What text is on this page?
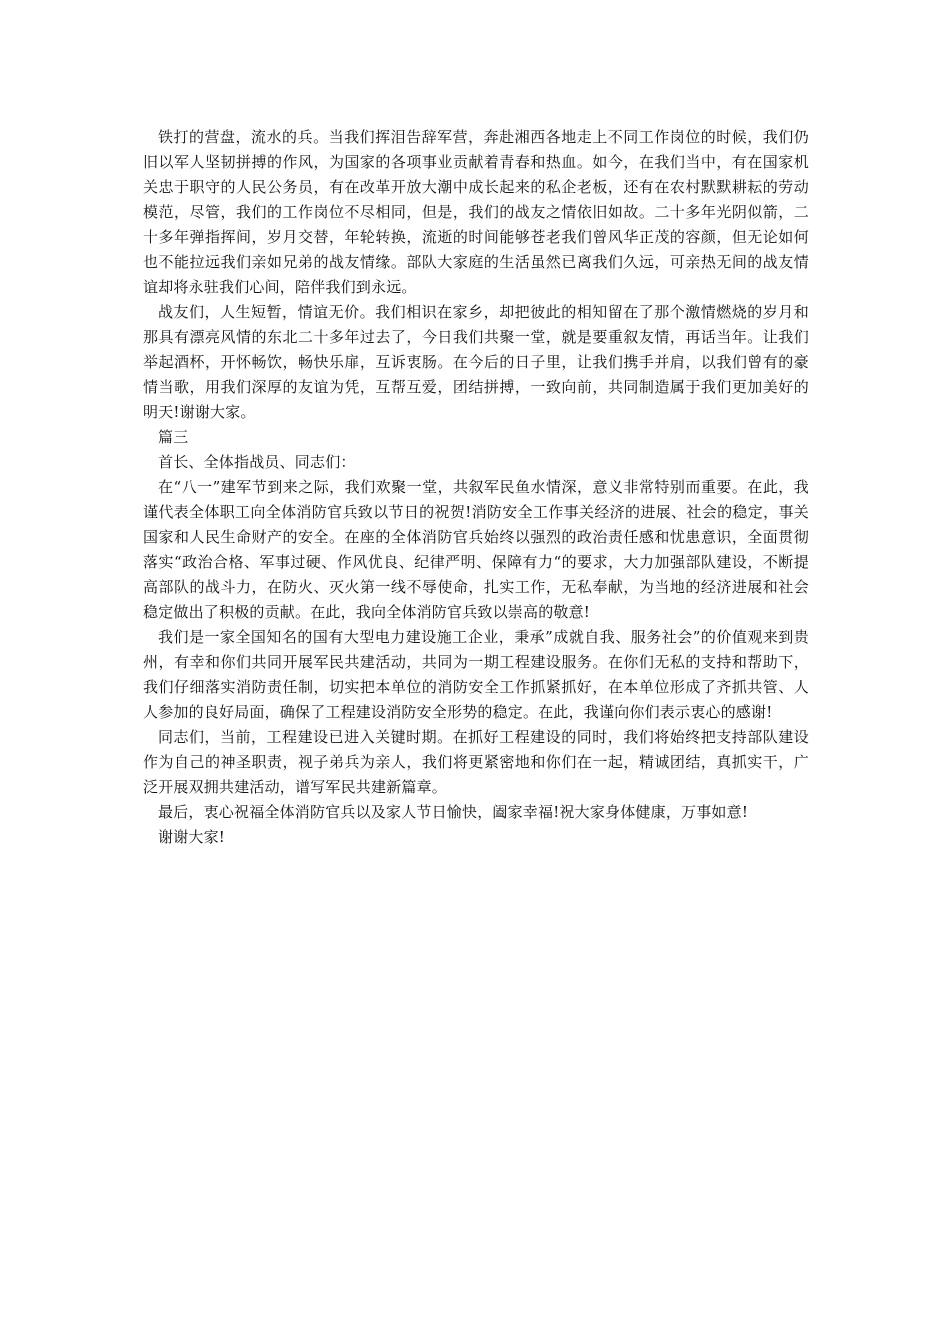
铁打的营盘，流水的兵。当我们挥泪告辞军营，奔赴湘西各地走上不同工作岗位的时候，我们仍旧以军人坚韧拼搏的作风，为国家的各项事业贡献着青春和热血。如今，在我们当中，有在国家机关忠于职守的人民公务员，有在改革开放大潮中成长起来的私企老板，还有在农村默默耕耘的劳动模范，尽管，我们的工作岗位不尽相同，但是，我们的战友之情依旧如故。二十多年光阴似箭，二十多年弹指挥间，岁月交替，年轮转换，流逝的时间能够苍老我们曾风华正茂的容颜，但无论如何也不能拉远我们亲如兄弟的战友情缘。部队大家庭的生活虽然已离我们久远，可亲热无间的战友情谊却将永驻我们心间，陪伴我们到永远。

战友们，人生短暂，情谊无价。我们相识在家乡，却把彼此的相知留在了那个激情燃烧的岁月和那具有漂亮风情的东北二十多年过去了，今日我们共聚一堂，就是要重叙友情，再话当年。让我们举起酒杯，开怀畅饮，畅快乐扉，互诉衷肠。在今后的日子里，让我们携手并肩，以我们曾有的豪情当歌，用我们深厚的友谊为凭，互帮互爱，团结拼搏，一致向前，共同制造属于我们更加美好的明天!谢谢大家。

篇三

首长、全体指战员、同志们：

在“八一”建军节到来之际，我们欢聚一堂，共叙军民鱼水情深，意义非常特别而重要。在此，我谨代表全体职工向全体消防官兵致以节日的祝贺!消防安全工作事关经济的进展、社会的稳定，事关国家和人民生命财产的安全。在座的全体消防官兵始终以强烈的政治责任感和忧患意识，全面贯彻落实“政治合格、军事过硬、作风优良、纪律严明、保障有力“的要求，大力加强部队建设，不断提高部队的战斗力，在防火、灭火第一线不辱使命，扎实工作，无私奉献，为当地的经济进展和社会稳定做出了积极的贡献。在此，我向全体消防官兵致以崇高的敬意!

我们是一家全国知名的国有大型电力建设施工企业，秉承”成就自我、服务社会”的价值观来到贵州，有幸和你们共同开展军民共建活动，共同为一期工程建设服务。在你们无私的支持和帮助下，我们仔细落实消防责任制，切实把本单位的消防安全工作抓紧抓好，在本单位形成了齐抓共管、人人参加的良好局面，确保了工程建设消防安全形势的稳定。在此，我谨向你们表示衷心的感谢!

同志们，当前，工程建设已进入关键时期。在抓好工程建设的同时，我们将始终把支持部队建设作为自己的神圣职责，视子弟兵为亲人，我们将更紧密地和你们在一起，精诚团结，真抓实干，广泛开展双拥共建活动，谱写军民共建新篇章。

最后，衷心祝福全体消防官兵以及家人节日愉快，阖家幸福!祝大家身体健康，万事如意!

谢谢大家!
